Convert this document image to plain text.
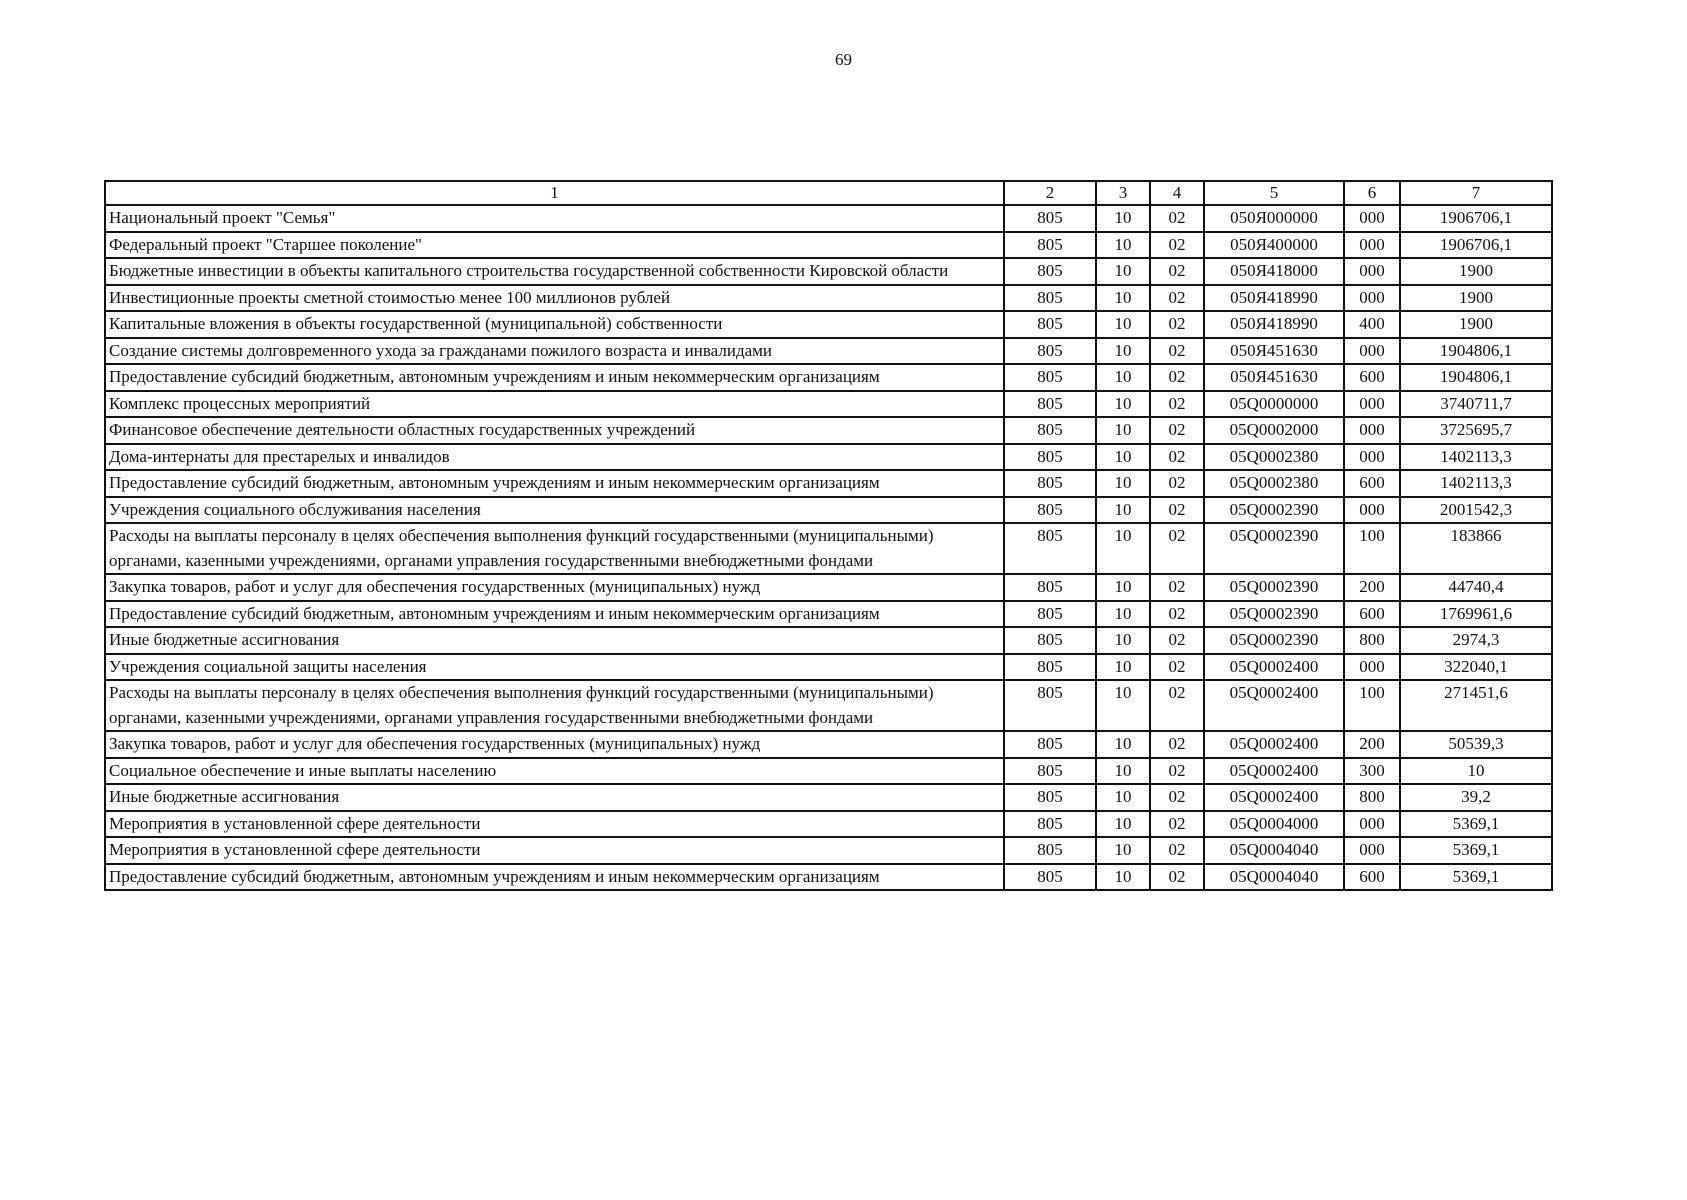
69
1	2	3	4	5	6	7
Национальный проект "Семья"	805	10	02	050Я000000	000	1906706,1
Федеральный проект "Старшее поколение"	805	10	02	050Я400000	000	1906706,1
Бюджетные инвестиции в объекты капитального строительства государственной собственности Кировской области	805	10	02	050Я418000	000	1900
Инвестиционные проекты сметной стоимостью менее 100 миллионов рублей	805	10	02	050Я418990	000	1900
Капитальные вложения в объекты государственной (муниципальной) собственности	805	10	02	050Я418990	400	1900
Создание системы долговременного ухода за гражданами пожилого возраста и инвалидами	805	10	02	050Я451630	000	1904806,1
Предоставление субсидий бюджетным, автономным учреждениям и иным некоммерческим организациям	805	10	02	050Я451630	600	1904806,1
Комплекс процессных мероприятий	805	10	02	05Q0000000	000	3740711,7
Финансовое обеспечение деятельности областных государственных учреждений	805	10	02	05Q0002000	000	3725695,7
Дома-интернаты для престарелых и инвалидов	805	10	02	05Q0002380	000	1402113,3
Предоставление субсидий бюджетным, автономным учреждениям и иным некоммерческим организациям	805	10	02	05Q0002380	600	1402113,3
Учреждения социального обслуживания населения	805	10	02	05Q0002390	000	2001542,3
Расходы на выплаты персоналу в целях обеспечения выполнения функций государственными (муниципальными) органами, казенными учреждениями, органами управления государственными внебюджетными фондами	805	10	02	05Q0002390	100	183866
Закупка товаров, работ и услуг для обеспечения государственных (муниципальных) нужд	805	10	02	05Q0002390	200	44740,4
Предоставление субсидий бюджетным, автономным учреждениям и иным некоммерческим организациям	805	10	02	05Q0002390	600	1769961,6
Иные бюджетные ассигнования	805	10	02	05Q0002390	800	2974,3
Учреждения социальной защиты населения	805	10	02	05Q0002400	000	322040,1
Расходы на выплаты персоналу в целях обеспечения выполнения функций государственными (муниципальными) органами, казенными учреждениями, органами управления государственными внебюджетными фондами	805	10	02	05Q0002400	100	271451,6
Закупка товаров, работ и услуг для обеспечения государственных (муниципальных) нужд	805	10	02	05Q0002400	200	50539,3
Социальное обеспечение и иные выплаты населению	805	10	02	05Q0002400	300	10
Иные бюджетные ассигнования	805	10	02	05Q0002400	800	39,2
Мероприятия в установленной сфере деятельности	805	10	02	05Q0004000	000	5369,1
Мероприятия в установленной сфере деятельности	805	10	02	05Q0004040	000	5369,1
Предоставление субсидий бюджетным, автономным учреждениям и иным некоммерческим организациям	805	10	02	05Q0004040	600	5369,1
